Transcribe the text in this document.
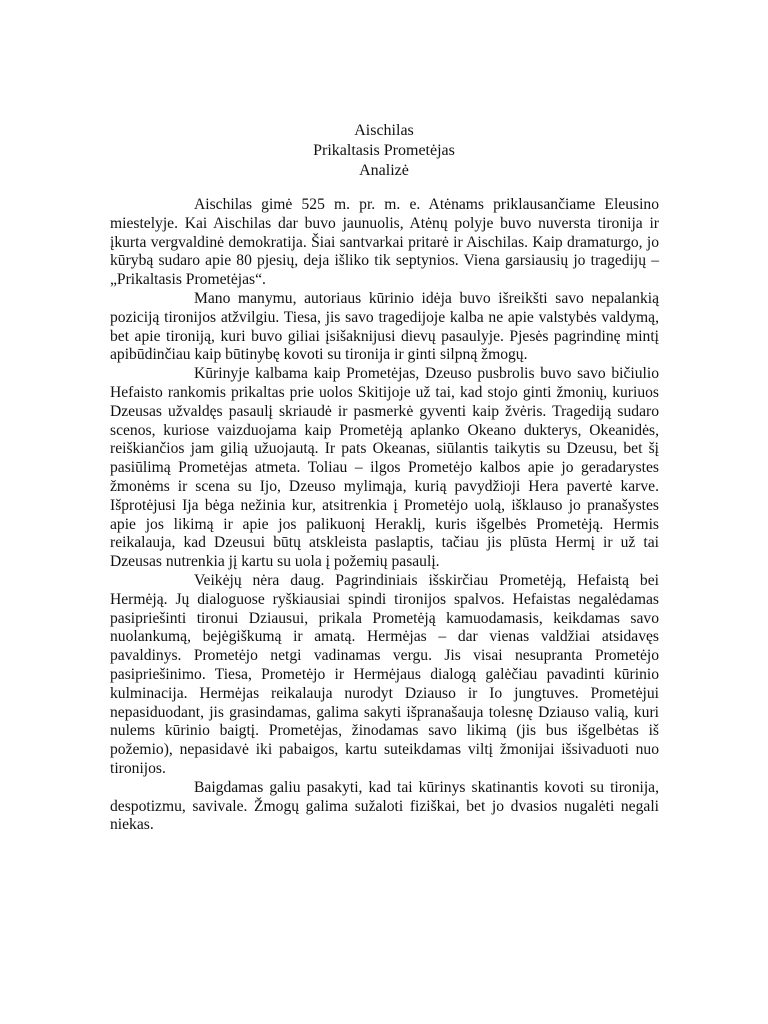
Aischilas
Prikaltasis Prometėjas
Analizė

Aischilas gimė 525 m. pr. m. e. Atėnams priklausančiame Eleusino miestelyje. Kai Aischilas dar buvo jaunuolis, Atėnų polyje buvo nuversta tironija ir įkurta vergvaldinė demokratija. Šiai santvarkai pritarė ir Aischilas. Kaip dramaturgo, jo kūrybą sudaro apie 80 pjesių, deja išliko tik septynios. Viena garsiausių jo tragedijų – „Prikaltasis Prometėjas“.

Mano manymu, autoriaus kūrinio idėja buvo išreikšti savo nepalankią poziciją tironijos atžvilgiu. Tiesa, jis savo tragedijoje kalba ne apie valstybės valdymą, bet apie tironiją, kuri buvo giliai įsišaknijusi dievų pasaulyje. Pjesės pagrindinę mintį apibūdinčiau kaip būtinybę kovoti su tironija ir ginti silpną žmogų.

Kūrinyje kalbama kaip Prometėjas, Dzeuso pusbrolis buvo savo bičiulio Hefaisto rankomis prikaltas prie uolos Skitijoje už tai, kad stojo ginti žmonių, kuriuos Dzeusas užvaldęs pasaulį skriaudė ir pasmerkė gyventi kaip žvėris. Tragediją sudaro scenos, kuriose vaizduojama kaip Prometėją aplanko Okeano dukterys, Okeanidės, reiškiančios jam gilią užuojautą. Ir pats Okeanas, siūlantis taikytis su Dzeusu, bet šį pasiūlimą Prometėjas atmeta. Toliau – ilgos Prometėjo kalbos apie jo geradarystes žmonėms ir scena su Ijo, Dzeuso mylimąja, kurią pavydžioji Hera pavertė karve. Išprotėjusi Ija bėga nežinia kur, atsitrenkia į Prometėjo uolą, išklauso jo pranašystes apie jos likimą ir apie jos palikuonį Heraklį, kuris išgelbės Prometėją. Hermis reikalauja, kad Dzeusui būtų atskleista paslaptis, tačiau jis plūsta Hermį ir už tai Dzeusas nutrenkia jį kartu su uola į požemių pasaulį.

Veikėjų nėra daug. Pagrindiniais išskirčiau Prometėją, Hefaistą bei Hermėją. Jų dialoguose ryškiausiai spindi tironijos spalvos. Hefaistas negalėdamas pasipriešinti tironui Dziausui, prikala Prometėją kamuodamasis, keikdamas savo nuolankumą, bejėgiškumą ir amatą. Hermėjas – dar vienas valdžiai atsidavęs pavaldinys. Prometėjo netgi vadinamas vergu. Jis visai nesupranta Prometėjo pasipriešinimo. Tiesa, Prometėjo ir Hermėjaus dialogą galėčiau pavadinti kūrinio kulminacija. Hermėjas reikalauja nurodyt Dziauso ir Io jungtuves. Prometėjui nepasiduodant, jis grasindamas, galima sakyti išpranašauja tolesnę Dziauso valią, kuri nulems kūrinio baigtį. Prometėjas, žinodamas savo likimą (jis bus išgelbėtas iš požemio), nepasidavė iki pabaigos, kartu suteikdamas viltį žmonijai išsivaduoti nuo tironijos.

Baigdamas galiu pasakyti, kad tai kūrinys skatinantis kovoti su tironija, despotizmu, savivale. Žmogų galima sužaloti fiziškai, bet jo dvasios nugalėti negali niekas.
